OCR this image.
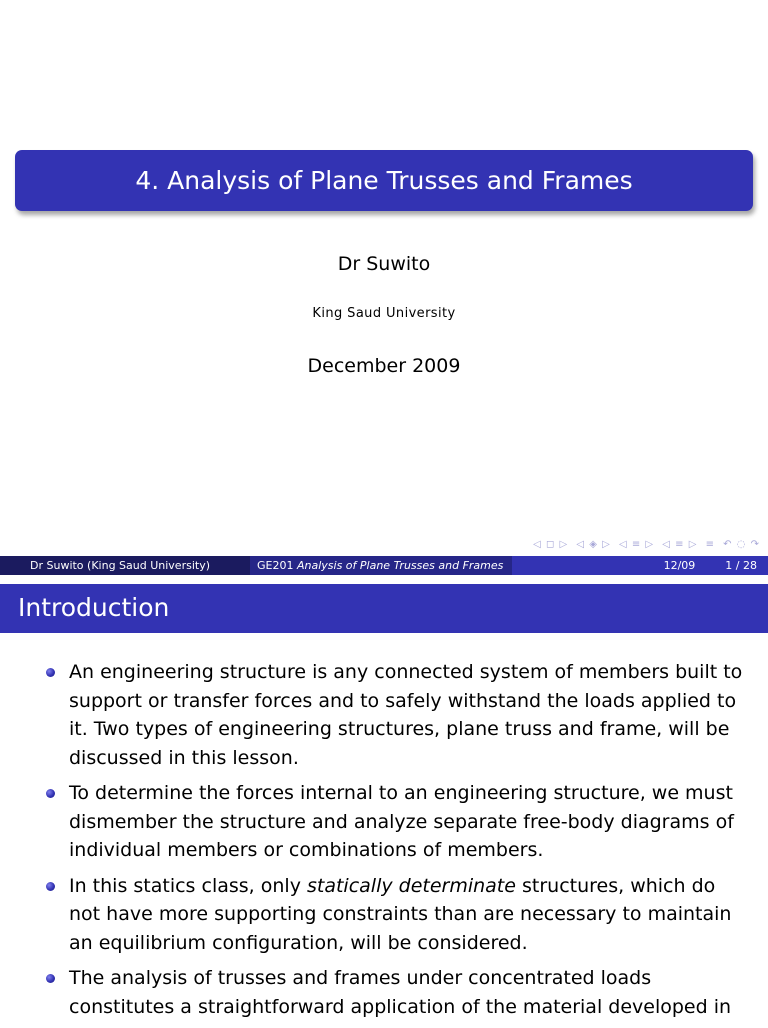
4. Analysis of Plane Trusses and Frames
Dr Suwito
King Saud University
December 2009
◁ ◻ ▷ ◁ ◈ ▷ ◁ ≡ ▷ ◁ ≡ ▷ ≡ ↶ ◌ ↷
Dr Suwito (King Saud University)	GE201 Analysis of Plane Trusses and Frames	12/09	1 / 28
Introduction
An engineering structure is any connected system of members built to support or transfer forces and to safely withstand the loads applied to it. Two types of engineering structures, plane truss and frame, will be discussed in this lesson.
To determine the forces internal to an engineering structure, we must dismember the structure and analyze separate free-body diagrams of individual members or combinations of members.
In this statics class, only statically determinate structures, which do not have more supporting constraints than are necessary to maintain an equilibrium configuration, will be considered.
The analysis of trusses and frames under concentrated loads constitutes a straightforward application of the material developed in
